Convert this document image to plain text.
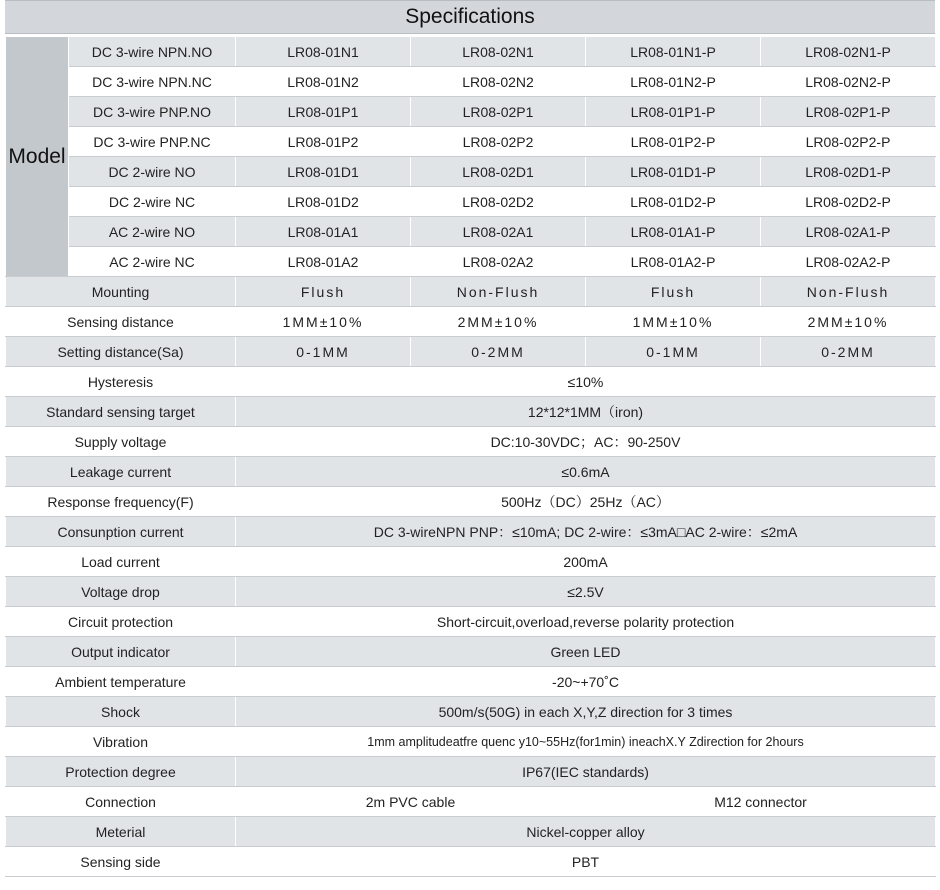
Specifications
Model	DC 3-wire NPN.NO	LR08-01N1	LR08-02N1	LR08-01N1-P	LR08-02N1-P
	DC 3-wire NPN.NC	LR08-01N2	LR08-02N2	LR08-01N2-P	LR08-02N2-P
	DC 3-wire PNP.NO	LR08-01P1	LR08-02P1	LR08-01P1-P	LR08-02P1-P
	DC 3-wire PNP.NC	LR08-01P2	LR08-02P2	LR08-01P2-P	LR08-02P2-P
	DC 2-wire NO	LR08-01D1	LR08-02D1	LR08-01D1-P	LR08-02D1-P
	DC 2-wire NC	LR08-01D2	LR08-02D2	LR08-01D2-P	LR08-02D2-P
	AC 2-wire NO	LR08-01A1	LR08-02A1	LR08-01A1-P	LR08-02A1-P
	AC 2-wire NC	LR08-01A2	LR08-02A2	LR08-01A2-P	LR08-02A2-P
Mounting		Flush	Non-Flush	Flush	Non-Flush
Sensing distance		1MM±10%	2MM±10%	1MM±10%	2MM±10%
Setting distance(Sa)		0-1MM	0-2MM	0-1MM	0-2MM
Hysteresis		≤10%			
Standard sensing target		12*12*1MM（iron)			
Supply voltage		DC:10-30VDC；AC：90-250V			
Leakage current		≤0.6mA			
Response frequency(F)		500Hz（DC）25Hz（AC）			
Consunption current		DC 3-wireNPN PNP：≤10mA; DC 2-wire：≤3mA□AC 2-wire：≤2mA			
Load current		200mA			
Voltage drop		≤2.5V			
Circuit protection		Short-circuit,overload,reverse polarity protection			
Output indicator		Green LED			
Ambient temperature		-20~+70˚C			
Shock		500m/s(50G) in each X,Y,Z direction for 3 times			
Vibration		1mm amplitudeatfre quenc y10~55Hz(for1min) ineachX.Y Zdirection for 2hours			
Protection degree		IP67(IEC standards)			
Connection		2m PVC cable		M12 connector	
Meterial		Nickel-copper alloy			
Sensing side		PBT			
